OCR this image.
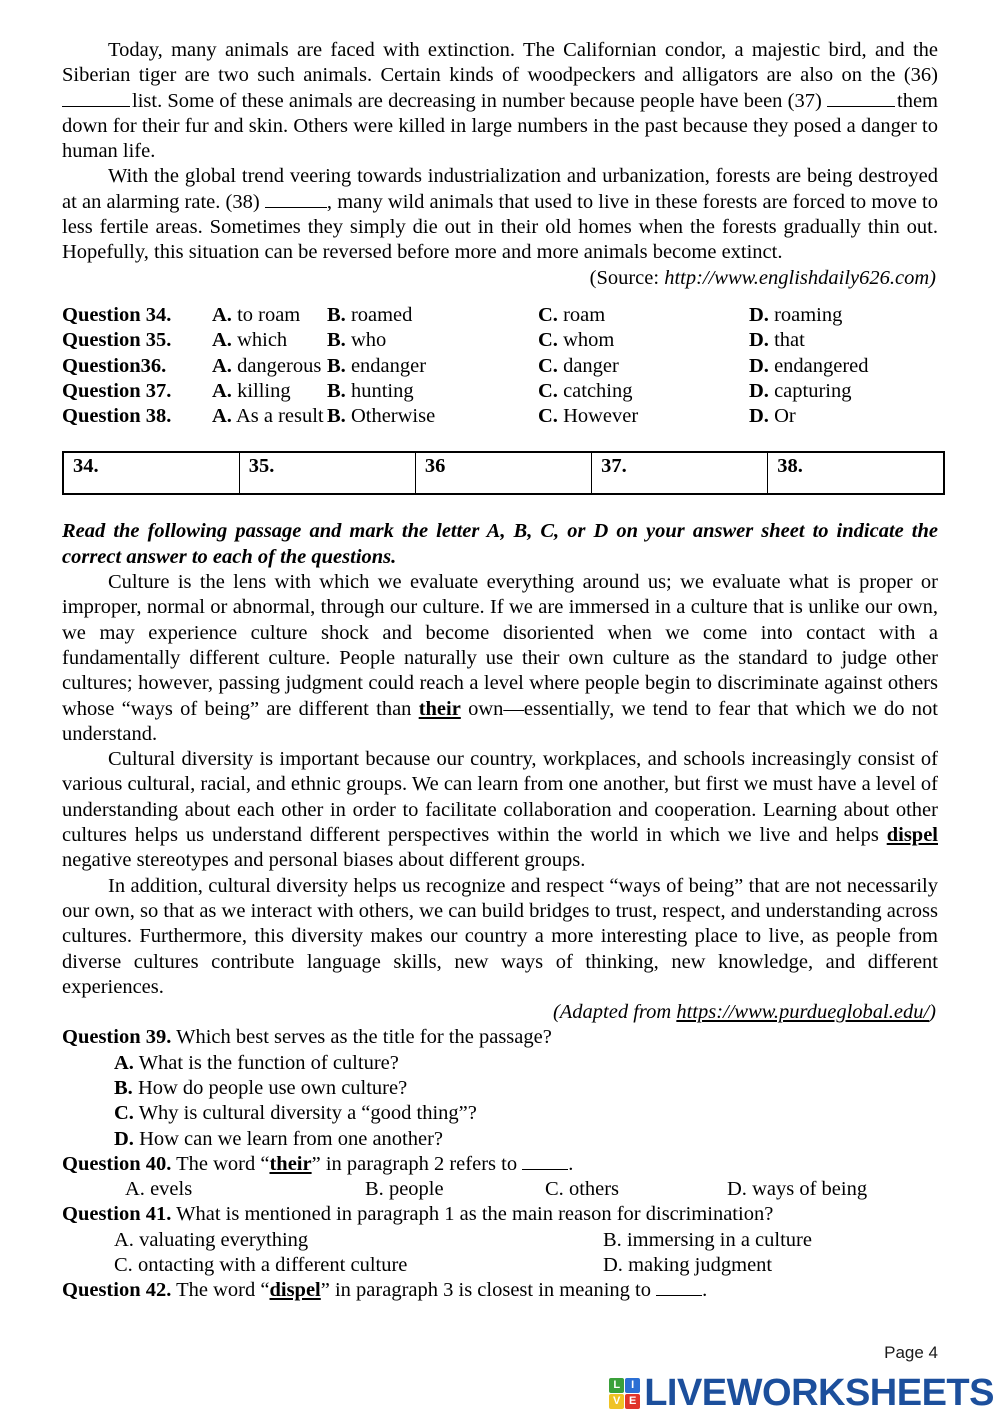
Today, many animals are faced with extinction. The Californian condor, a majestic bird, and the Siberian tiger are two such animals. Certain kinds of woodpeckers and alligators are also on the (36) list. Some of these animals are decreasing in number because people have been (37)	them down for their fur and skin. Others were killed in large numbers in the past because they posed a danger to human life.

With the global trend veering towards industrialization and urbanization, forests are being destroyed at an alarming rate. (38)	, many wild animals that used to live in these forests are forced to move to less fertile areas. Sometimes they simply die out in their old homes when the forests gradually thin out. Hopefully, this situation can be reversed before more and more animals become extinct.

(Source: http://www.englishdaily626.com)

Question 34.	A. to roam	B. roamed	C. roam	D. roaming
Question 35.	A. which	B. who	C. whom	D. that
Question36.	A. dangerous B. endanger	C. danger	D. endangered
Question 37.	A. killing	B. hunting	C. catching	D. capturing
Question 38.	A. As a result B. Otherwise	C. However	D. Or
34.	35.	36	37.	38.
Read the following passage and mark the letter A, B, C, or D on your answer sheet to indicate the correct answer to each of the questions.

Culture is the lens with which we evaluate everything around us; we evaluate what is proper or improper, normal or abnormal, through our culture. If we are immersed in a culture that is unlike our own, we may experience culture shock and become disoriented when we come into contact with a fundamentally different culture. People naturally use their own culture as the standard to judge other cultures; however, passing judgment could reach a level where people begin to discriminate against others whose “ways of being” are different than their own—essentially, we tend to fear that which we do not understand.

Cultural diversity is important because our country, workplaces, and schools increasingly consist of various cultural, racial, and ethnic groups. We can learn from one another, but first we must have a level of understanding about each other in order to facilitate collaboration and cooperation. Learning about other cultures helps us understand different perspectives within the world in which we live and helps dispel negative stereotypes and personal biases about different groups.

In addition, cultural diversity helps us recognize and respect “ways of being” that are not necessarily our own, so that as we interact with others, we can build bridges to trust, respect, and understanding across cultures. Furthermore, this diversity makes our country a more interesting place to live, as people from diverse cultures contribute language skills, new ways of thinking, new knowledge, and different experiences.

(Adapted from https://www.purdueglobal.edu/)

Question 39. Which best serves as the title for the passage?
A. What is the function of culture?
B. How do people use own culture?
C. Why is cultural diversity a “good thing”?
D. How can we learn from one another?
Question 40. The word “their” in paragraph 2 refers to .
A. evels	B. people	C. others	D. ways of being
Question 41. What is mentioned in paragraph 1 as the main reason for discrimination?
A. valuating everything	B. immersing in a culture
C. ontacting with a different culture	D. making judgment
Question 42. The word “dispel” in paragraph 3 is closest in meaning to .
Page 4
L	I
V E LIVEWORKSHEETS
